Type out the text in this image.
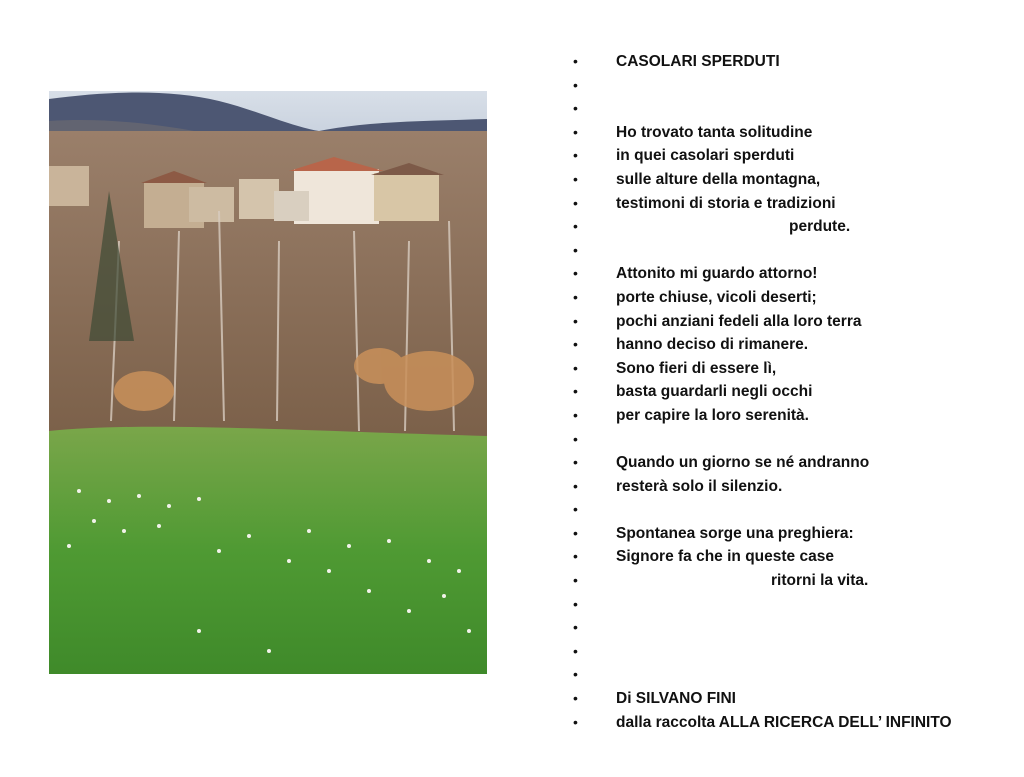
• CASOLARI SPERDUTI
•
•
• Ho trovato tanta solitudine
• in quei casolari sperduti
• sulle alture della montagna,
• testimoni di storia e tradizioni
• perdute.
•
• Attonito mi guardo attorno!
• porte chiuse, vicoli deserti;
• pochi anziani fedeli alla loro terra
• hanno deciso di rimanere.
• Sono fieri di essere lì,
• basta guardarli negli occhi
• per capire la loro serenità.
•
• Quando un giorno se né andranno
• resterà solo il silenzio.
•
• Spontanea sorge una preghiera:
• Signore fa che in queste case
• ritorni la vita.
•
•
•
•
• Di SILVANO FINI
• dalla raccolta ALLA RICERCA DELL’ INFINITO
